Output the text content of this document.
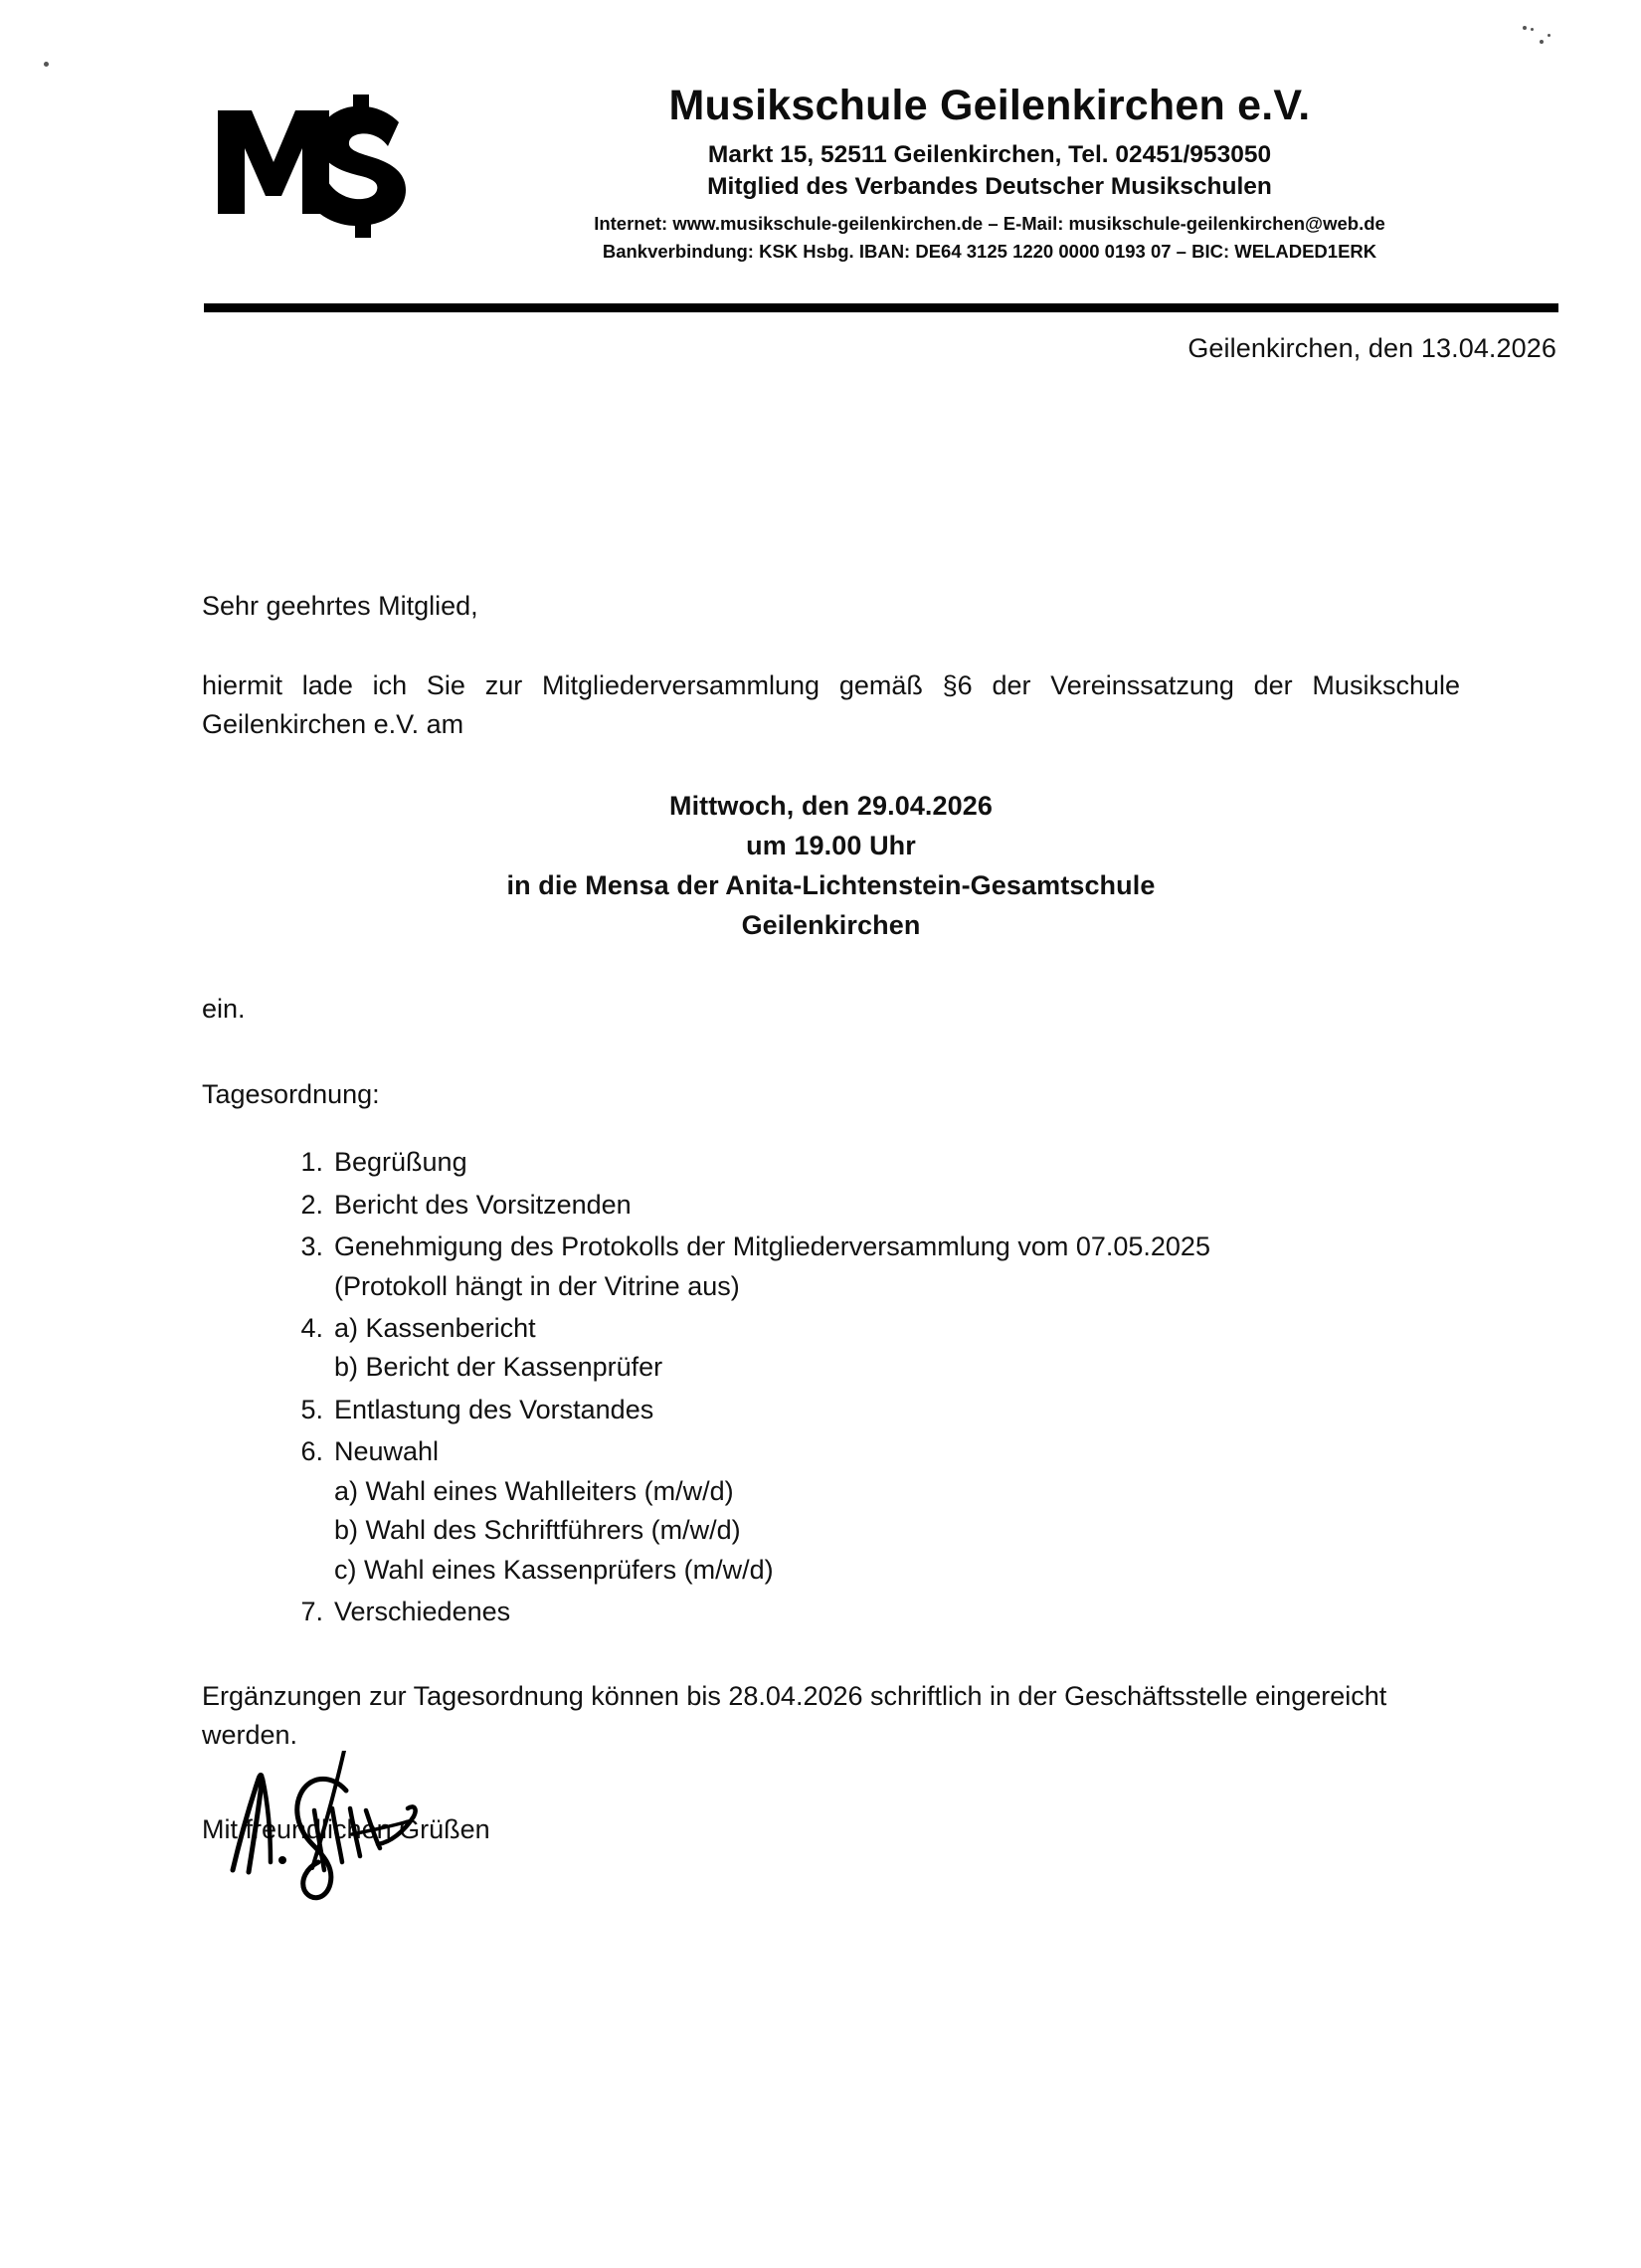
Musikschule Geilenkirchen e.V.
Markt 15, 52511 Geilenkirchen, Tel. 02451/953050
Mitglied des Verbandes Deutscher Musikschulen
Internet: www.musikschule-geilenkirchen.de – E-Mail: musikschule-geilenkirchen@web.de
Bankverbindung: KSK Hsbg. IBAN: DE64 3125 1220 0000 0193 07 – BIC: WELADED1ERK
Geilenkirchen, den 13.04.2026

Sehr geehrtes Mitglied,

hiermit lade ich Sie zur Mitgliederversammlung gemäß §6 der Vereinssatzung der Musikschule Geilenkirchen e.V. am

Mittwoch, den 29.04.2026
um 19.00 Uhr
in die Mensa der Anita-Lichtenstein-Gesamtschule
Geilenkirchen

ein.

Tagesordnung:

Begrüßung
Bericht des Vorsitzenden
Genehmigung des Protokolls der Mitgliederversammlung vom 07.05.2025
(Protokoll hängt in der Vitrine aus)
a) Kassenbericht
b) Bericht der Kassenprüfer
Entlastung des Vorstandes
Neuwahl
a) Wahl eines Wahlleiters (m/w/d)
b) Wahl des Schriftführers (m/w/d)
c) Wahl eines Kassenprüfers (m/w/d)
Verschiedenes

Ergänzungen zur Tagesordnung können bis 28.04.2026 schriftlich in der Geschäftsstelle eingereicht werden.

Mit freundlichen Grüßen
